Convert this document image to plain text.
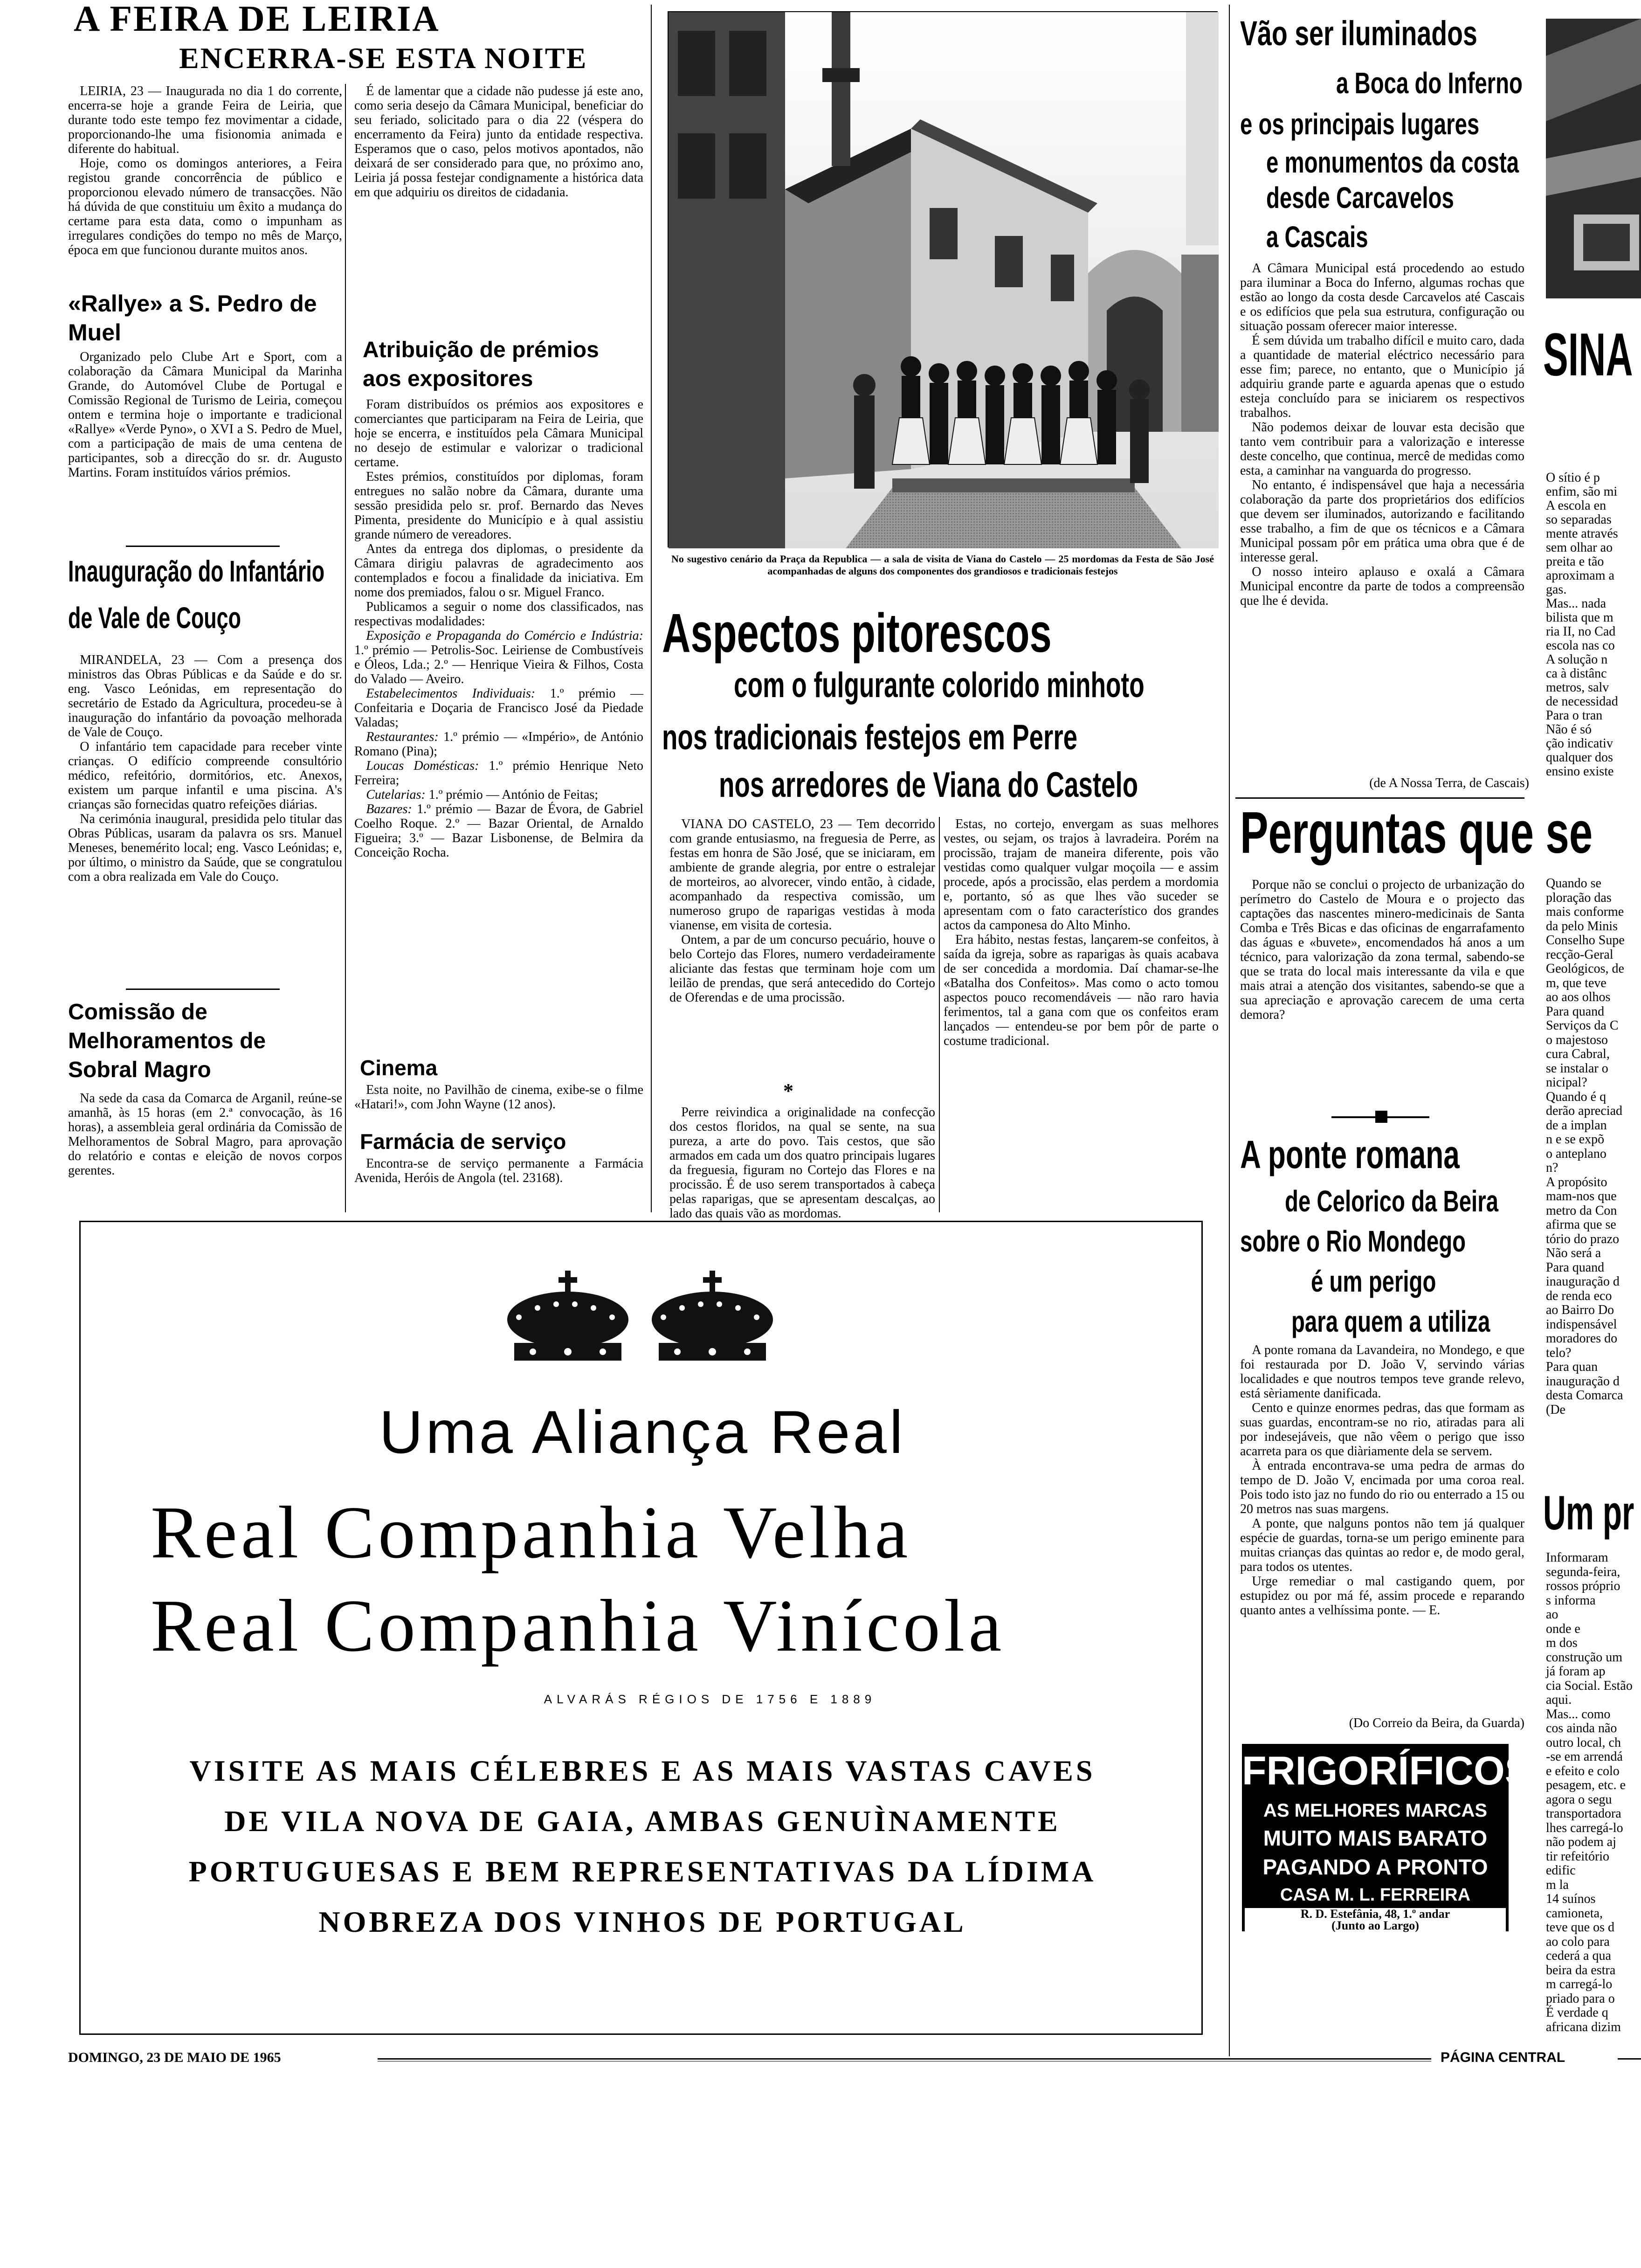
A FEIRA DE LEIRIA
ENCERRA-SE ESTA NOITE

LEIRIA, 23 — Inaugurada no dia 1 do corrente, encerra-se hoje a grande Feira de Leiria, que durante todo este tempo fez movimentar a cidade, proporcionando-lhe uma fisionomia animada e diferente do habitual.

Hoje, como os domingos anteriores, a Feira registou grande concorrência de público e proporcionou elevado número de transacções. Não há dúvida de que constituiu um êxito a mudança do certame para esta data, como o impunham as irregulares condições do tempo no mês de Março, época em que funcionou durante muitos anos.

«Rallye» a S. Pedro de Muel

Organizado pelo Clube Art e Sport, com a colaboração da Câmara Municipal da Marinha Grande, do Automóvel Clube de Portugal e Comissão Regional de Turismo de Leiria, começou ontem e termina hoje o importante e tradicional «Rallye» «Verde Pyno», o XVI a S. Pedro de Muel, com a participação de mais de uma centena de participantes, sob a direcção do sr. dr. Augusto Martins. Foram instituídos vários prémios.

Inauguração do Infantário
de Vale de Couço

MIRANDELA, 23 — Com a presença dos ministros das Obras Públicas e da Saúde e do sr. eng. Vasco Leónidas, em representação do secretário de Estado da Agricultura, procedeu-se à inauguração do infantário da povoação melhorada de Vale de Couço.

O infantário tem capacidade para receber vinte crianças. O edifício compreende consultório médico, refeitório, dormitórios, etc. Anexos, existem um parque infantil e uma piscina. A's crianças são fornecidas quatro refeições diárias.

Na cerimónia inaugural, presidida pelo titular das Obras Públicas, usaram da palavra os srs. Manuel Meneses, benemérito local; eng. Vasco Leónidas; e, por último, o ministro da Saúde, que se congratulou com a obra realizada em Vale do Couço.

Comissão de Melhoramentos de Sobral Magro

Na sede da casa da Comarca de Arganil, reúne-se amanhã, às 15 horas (em 2.ª convocação, às 16 horas), a assembleia geral ordinária da Comissão de Melhoramentos de Sobral Magro, para aprovação do relatório e contas e eleição de novos corpos gerentes.

É de lamentar que a cidade não pudesse já este ano, como seria desejo da Câmara Municipal, beneficiar do seu feriado, solicitado para o dia 22 (véspera do encerramento da Feira) junto da entidade respectiva. Esperamos que o caso, pelos motivos apontados, não deixará de ser considerado para que, no próximo ano, Leiria já possa festejar condignamente a histórica data em que adquiriu os direitos de cidadania.

Atribuição de prémios aos expositores

Foram distribuídos os prémios aos expositores e comerciantes que participaram na Feira de Leiria, que hoje se encerra, e instituídos pela Câmara Municipal no desejo de estimular e valorizar o tradicional certame.

Estes prémios, constituídos por diplomas, foram entregues no salão nobre da Câmara, durante uma sessão presidida pelo sr. prof. Bernardo das Neves Pimenta, presidente do Município e à qual assistiu grande número de vereadores.

Antes da entrega dos diplomas, o presidente da Câmara dirigiu palavras de agradecimento aos contemplados e focou a finalidade da iniciativa. Em nome dos premiados, falou o sr. Miguel Franco.

Publicamos a seguir o nome dos classificados, nas respectivas modalidades:

Exposição e Propaganda do Comércio e Indústria: 1.º prémio — Petrolis-Soc. Leiriense de Combustíveis e Óleos, Lda.; 2.º — Henrique Vieira & Filhos, Costa do Valado — Aveiro.

Estabelecimentos Individuais: 1.º prémio — Confeitaria e Doçaria de Francisco José da Piedade Valadas;

Restaurantes: 1.º prémio — «Império», de António Romano (Pina);

Loucas Domésticas: 1.º prémio Henrique Neto Ferreira;

Cutelarias: 1.º prémio — António de Feitas;

Bazares: 1.º prémio — Bazar de Évora, de Gabriel Coelho Roque. 2.º — Bazar Oriental, de Arnaldo Figueira; 3.º — Bazar Lisbonense, de Belmira da Conceição Rocha.

Cinema

Esta noite, no Pavilhão de cinema, exibe-se o filme «Hatari!», com John Wayne (12 anos).

Farmácia de serviço

Encontra-se de serviço permanente a Farmácia Avenida, Heróis de Angola (tel. 23168).

No sugestivo cenário da Praça da Republica — a sala de visita de Viana do Castelo — 25 mordomas da Festa de São José acompanhadas de alguns dos componentes dos grandiosos e tradicionais festejos
Aspectos pitorescos
com o fulgurante colorido minhoto
nos tradicionais festejos em Perre
nos arredores de Viana do Castelo

VIANA DO CASTELO, 23 — Tem decorrido com grande entusiasmo, na freguesia de Perre, as festas em honra de São José, que se iniciaram, em ambiente de grande alegria, por entre o estralejar de morteiros, ao alvorecer, vindo então, à cidade, acompanhado da respectiva comissão, um numeroso grupo de raparigas vestidas à moda vianense, em visita de cortesia.

Ontem, a par de um concurso pecuário, houve o belo Cortejo das Flores, numero verdadeiramente aliciante das festas que terminam hoje com um leilão de prendas, que será antecedido do Cortejo de Oferendas e de uma procissão.

*

Perre reivindica a originalidade na confecção dos cestos floridos, na qual se sente, na sua pureza, a arte do povo. Tais cestos, que são armados em cada um dos quatro principais lugares da freguesia, figuram no Cortejo das Flores e na procissão. É de uso serem transportados à cabeça pelas raparigas, que se apresentam descalças, ao lado das quais vão as mordomas.

Estas, no cortejo, envergam as suas melhores vestes, ou sejam, os trajos à lavradeira. Porém na procissão, trajam de maneira diferente, pois vão vestidas como qualquer vulgar moçoila — e assim procede, após a procissão, elas perdem a mordomia e, portanto, só as que lhes vão suceder se apresentam com o fato característico dos grandes actos da camponesa do Alto Minho.

Era hábito, nestas festas, lançarem-se confeitos, à saída da igreja, sobre as raparigas às quais acabava de ser concedida a mordomia. Daí chamar-se-lhe «Batalha dos Confeitos». Mas como o acto tomou aspectos pouco recomendáveis — não raro havia ferimentos, tal a gana com que os confeitos eram lançados — entendeu-se por bem pôr de parte o costume tradicional.

Vão ser iluminados
a Boca do Inferno
e os principais lugares
e monumentos da costa
desde Carcavelos
a Cascais

A Câmara Municipal está procedendo ao estudo para iluminar a Boca do Inferno, algumas rochas que estão ao longo da costa desde Carcavelos até Cascais e os edifícios que pela sua estrutura, configuração ou situação possam oferecer maior interesse.

É sem dúvida um trabalho difícil e muito caro, dada a quantidade de material eléctrico necessário para esse fim; parece, no entanto, que o Município já adquiriu grande parte e aguarda apenas que o estudo esteja concluído para se iniciarem os respectivos trabalhos.

Não podemos deixar de louvar esta decisão que tanto vem contribuir para a valorização e interesse deste concelho, que continua, mercê de medidas como esta, a caminhar na vanguarda do progresso.

No entanto, é indispensável que haja a necessária colaboração da parte dos proprietários dos edifícios que devem ser iluminados, autorizando e facilitando esse trabalho, a fim de que os técnicos e a Câmara Municipal possam pôr em prática uma obra que é de interesse geral.

O nosso inteiro aplauso e oxalá a Câmara Municipal encontre da parte de todos a compreensão que lhe é devida.

(de A Nossa Terra, de Cascais)
Perguntas que se

Porque não se conclui o projecto de urbanização do perímetro do Castelo de Moura e o projecto das captações das nascentes minero-medicinais de Santa Comba e Três Bicas e das oficinas de engarrafamento das águas e «buvete», encomendados há anos a um técnico, para valorização da zona termal, sabendo-se que se trata do local mais interessante da vila e que mais atrai a atenção dos visitantes, sabendo-se que a sua apreciação e aprovação carecem de uma certa demora?

A ponte romana
de Celorico da Beira
sobre o Rio Mondego
é um perigo
para quem a utiliza

A ponte romana da Lavandeira, no Mondego, e que foi restaurada por D. João V, servindo várias localidades e que noutros tempos teve grande relevo, está sèriamente danificada.

Cento e quinze enormes pedras, das que formam as suas guardas, encontram-se no rio, atiradas para ali por indesejáveis, que não vêem o perigo que isso acarreta para os que diàriamente dela se servem.

À entrada encontrava-se uma pedra de armas do tempo de D. João V, encimada por uma coroa real. Pois todo isto jaz no fundo do rio ou enterrado a 15 ou 20 metros nas suas margens.

A ponte, que nalguns pontos não tem já qualquer espécie de guardas, torna-se um perigo eminente para muitas crianças das quintas ao redor e, de modo geral, para todos os utentes.

Urge remediar o mal castigando quem, por estupidez ou por má fé, assim procede e reparando quanto antes a velhíssima ponte. — E.

(Do Correio da Beira, da Guarda)
FRIGORÍFICOS
AS MELHORES MARCAS
MUITO MAIS BARATO
PAGANDO A PRONTO
CASA M. L. FERREIRA
R. D. Estefânia, 48, 1.º andar
(Junto ao Largo)
Uma Aliança Real
Real Companhia Velha
Real Companhia Vinícola
ALVARÁS RÉGIOS DE 1756 E 1889
VISITE AS MAIS CÉLEBRES E AS MAIS VASTAS CAVES
DE VILA NOVA DE GAIA, AMBAS GENUÌNAMENTE
PORTUGUESAS E BEM REPRESENTATIVAS DA LÍDIMA
NOBREZA DOS VINHOS DE PORTUGAL
DOMINGO, 23 DE MAIO DE 1965	PÁGINA CENTRAL
SINA
O sítio é p
enfim, são mi
A escola en
so separadas
mente através
sem olhar ao
preita e tão
aproximam a
gas.
Mas... nada
bilista que m
ria II, no Cad
escola nas co
A solução n
ca à distânc
metros, salv
de necessidad
Para o tran
Não é só
ção indicativ
qualquer dos
ensino existe
Quando se
ploração das
mais conforme
da pelo Minis
Conselho Supe
recção-Geral
Geológicos, de
m, que teve
ao aos olhos
Para quand
Serviços da C
o majestoso
cura Cabral,
se instalar o
nicipal?
Quando é q
derão apreciad
de a implan
n e se expõ
o anteplano
n?
A propósito
mam-nos que
metro da Con
afirma que se
tório do prazo
Não será a
Para quand
inauguração d
de renda eco
ao Bairro Do
indispensável
moradores do
telo?
Para quan
inauguração d
desta Comarca
(De
Um pr
Informaram
segunda-feira,
rossos próprio
s informa
ao
onde e
m dos
construção um
já foram ap
cia Social. Estão
aqui.
Mas... como
cos ainda não
outro local, ch
-se em arrendá
e efeito e colo
pesagem, etc. e
agora o segu
transportadora
lhes carregá-lo
não podem aj
tir refeitório
edific
m la
14 suínos
camioneta,
teve que os d
ao colo para
cederá a qua
beira da estra
m carregá-lo
priado para o
É verdade q
africana dizim
